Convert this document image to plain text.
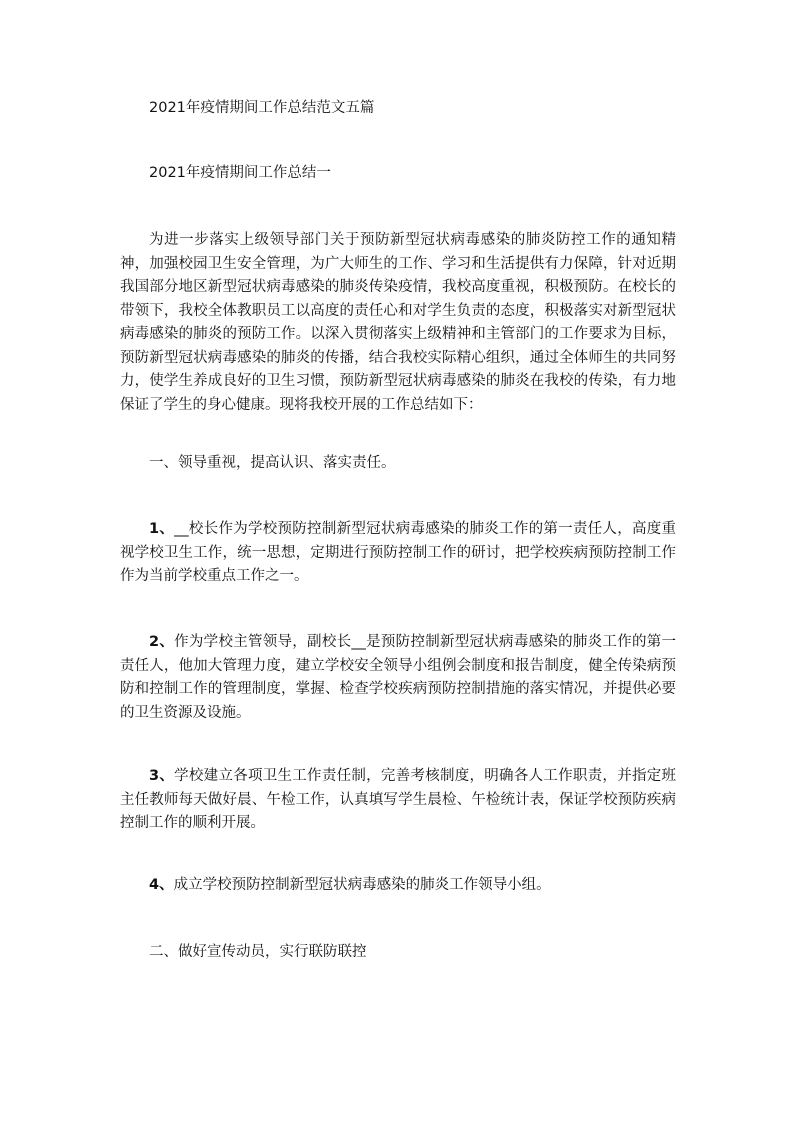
2021年疫情期间工作总结范文五篇

2021年疫情期间工作总结一

为进一步落实上级领导部门关于预防新型冠状病毒感染的肺炎防控工作的通知精神，加强校园卫生安全管理，为广大师生的工作、学习和生活提供有力保障，针对近期我国部分地区新型冠状病毒感染的肺炎传染疫情，我校高度重视，积极预防。在校长的带领下，我校全体教职员工以高度的责任心和对学生负责的态度，积极落实对新型冠状病毒感染的肺炎的预防工作。以深入贯彻落实上级精神和主管部门的工作要求为目标，预防新型冠状病毒感染的肺炎的传播，结合我校实际精心组织，通过全体师生的共同努力，使学生养成良好的卫生习惯，预防新型冠状病毒感染的肺炎在我校的传染，有力地保证了学生的身心健康。现将我校开展的工作总结如下：

一、领导重视，提高认识、落实责任。

1、__校长作为学校预防控制新型冠状病毒感染的肺炎工作的第一责任人，高度重视学校卫生工作，统一思想，定期进行预防控制工作的研讨，把学校疾病预防控制工作作为当前学校重点工作之一。

2、作为学校主管领导，副校长__是预防控制新型冠状病毒感染的肺炎工作的第一责任人，他加大管理力度，建立学校安全领导小组例会制度和报告制度，健全传染病预防和控制工作的管理制度，掌握、检查学校疾病预防控制措施的落实情况，并提供必要的卫生资源及设施。

3、学校建立各项卫生工作责任制，完善考核制度，明确各人工作职责，并指定班主任教师每天做好晨、午检工作，认真填写学生晨检、午检统计表，保证学校预防疾病控制工作的顺利开展。

4、成立学校预防控制新型冠状病毒感染的肺炎工作领导小组。

二、做好宣传动员，实行联防联控
